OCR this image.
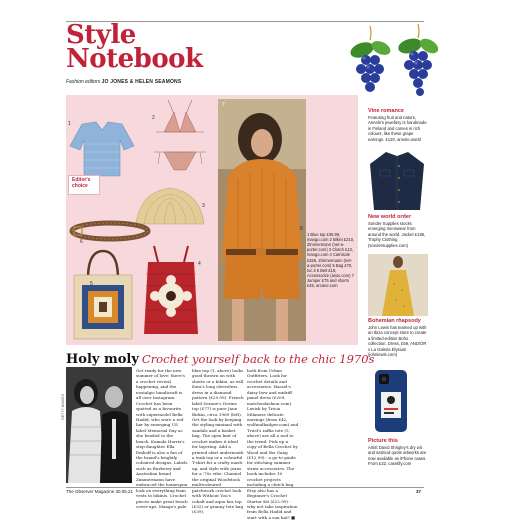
Style
Notebook
Fashion editors JO JONES & HELEN SEAMONS
1
2
Editor's choice
3
6
5
4
7
8
1 Blue top £35.99, mango.com 2 Bikini £210, Zimmermann (net-a-porter.com) 3 Clutch £13, mango.com 4 Camisole £265, Zimmermann (net-a-porter.com) 5 Bag £70, toc.it 6 Belt £19, Accessorize (asos.com) 7 Jumper £75 and shorts £45, arcane.com
Holy moly Crochet yourself back to the chic 1970s
GETTY IMAGES
Get ready for the new summer of love: there's a crochet revival happening, and the nostalgic handicraft is all over Instagram. Crochet has been spotted as a favourite with supermodel Bella Hadid, who wore a red bar by emerging US label Memorial Day as she headed to the beach. Kamala Harris's step-daughter Ella Emhoff is also a fan of the brand's brightly coloured designs. Labels such as Burberry and Australian brand Zimmermann have embraced the homespun look on everything from vests to bikinis. Crochet pieces make great beach cover-ups. Mango's pale
blue top (1, above) looks good thrown on with shorts or a bikini, as will Ezra's long sleeveless dress in a diamond pattern (£29.99). French label Sezane's Dorine top (£77) is pure Jane Birkin, circa 1969 (left). Get the look by keeping the styling minimal with sandals and a basket bag. The open knit of crochet makes it ideal for layering. Add a printed shirt underneath a tank top or a colourful T-shirt for a crafty mash-up, and style with jeans for a '70s vibe. Channel the original Woodstock multicoloured patchwork crochet look with Without You's cobalt and aqua bra top (£32) or granny tote bag (£39),
both from Urban Outfitters. Look for crochet details and accessories. Hassel's daisy bow and midriff panel dress (£209, matchesfashion.com). Lavish by Tricia Milaneze delicate earrings (from £42, wolfandbadger.com) and Truel's raffia tote (5, above) are all a nod to the trend. Pick up a copy of Bella Crochet by Wood and the Gang (£12.99) - a go-to guide for stitching summer straw accessories. The book includes 10 crochet projects including a clutch bag. Etsy also has a Beginner's Crochet Starter Kit (£22.99) - why not take inspiration from Bella Hadid and start with a sun hat? ■
Vine romance
Featuring fruit and nature, Annele's jewellery is handmade in Finland and comes in rich colours, like these grape earrings. £120, annele.world
New world order
Sonder Supplies stocks emerging menswear from around the world. Jacket £195, Trophy Clothing (sondersupplies.com)
Bohemian rhapsody
John Lewis has teamed up with an Ibiza concept store to create a limited-edition Boho collection. Dress, £59, AND/OR x La Galeria Elysium (johnlewis.com)
Picture this
Artist David Shrigley's dry wit and satirical quote artworks are now available as iPhone cases. From £32, casetify.com
The Observer Magazine 30.05.21	37
